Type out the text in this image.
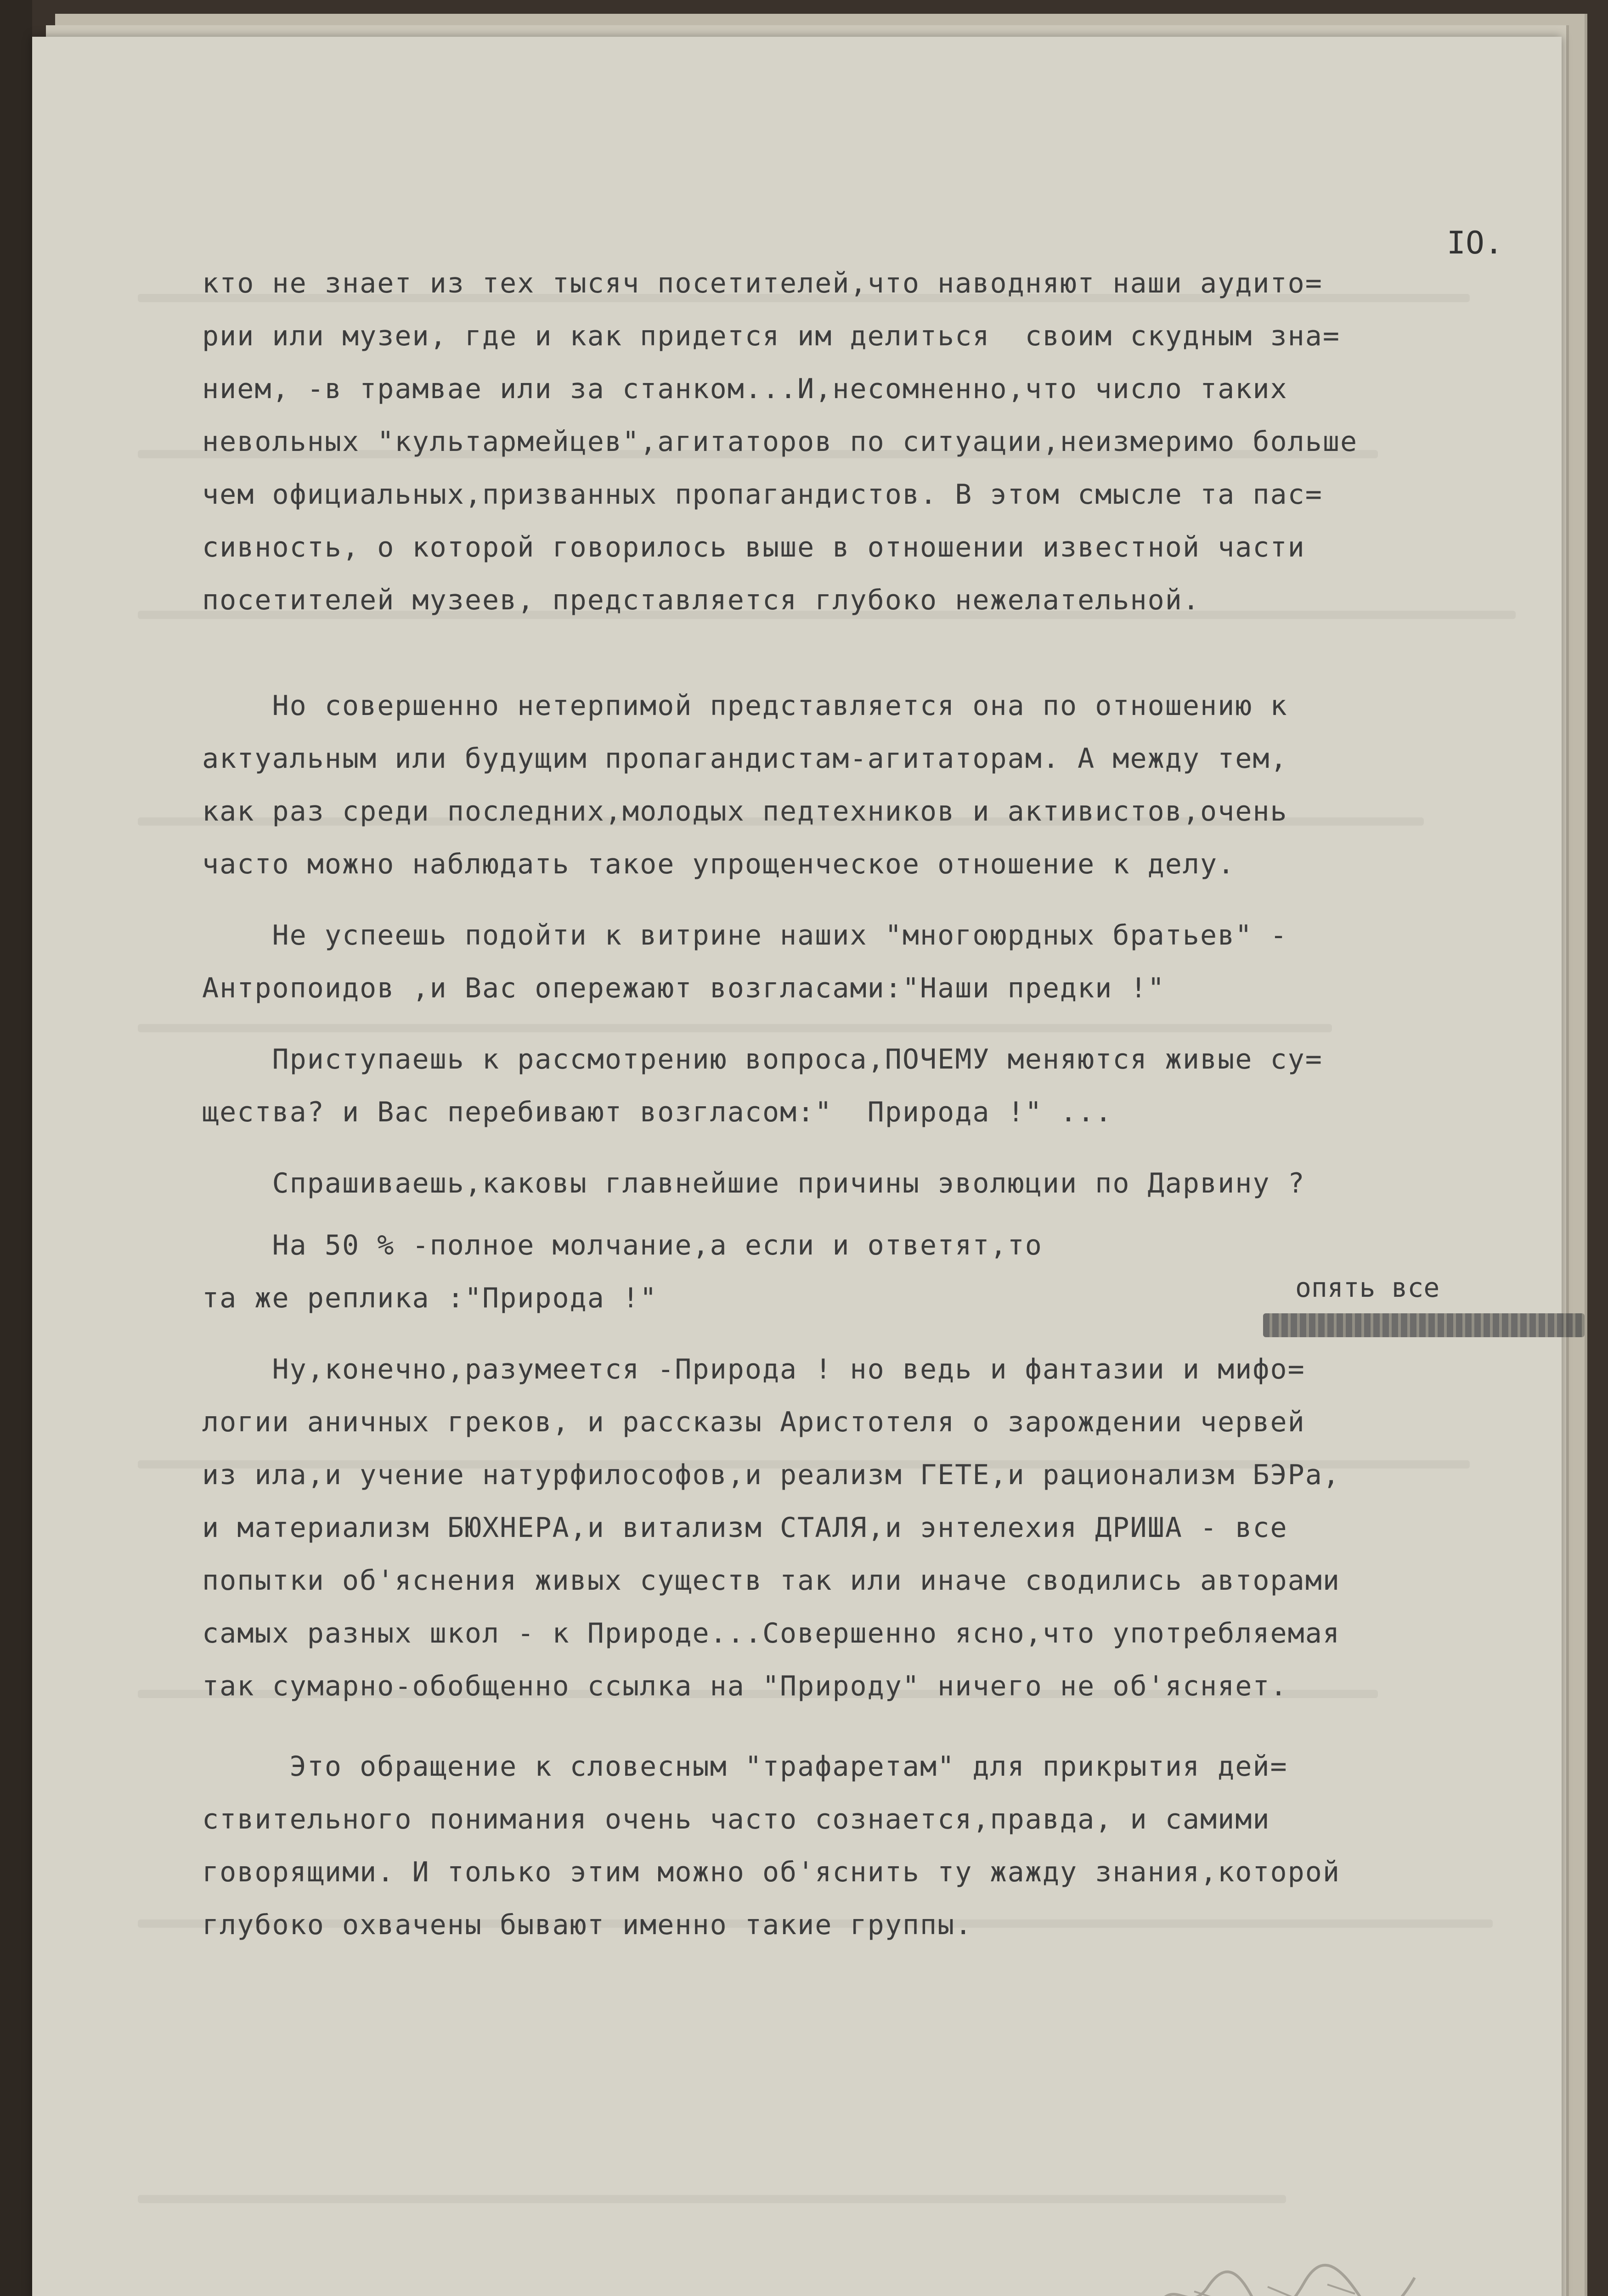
IO.
кто не знает из тех тысяч посетителей,что наводняют наши аудито=
рии или музеи, где и как придется им делиться  своим скудным зна=
нием, -в трамвае или за станком...И,несомненно,что число таких
невольных "культармейцев",агитаторов по ситуации,неизмеримо больше
чем официальных,призванных пропагандистов. В этом смысле та пас=
сивность, о которой говорилось выше в отношении известной части
посетителей музеев, представляется глубоко нежелательной.
Но совершенно нетерпимой представляется она по отношению к
актуальным или будущим пропагандистам-агитаторам. А между тем,
как раз среди последних,молодых педтехников и активистов,очень
часто можно наблюдать такое упрощенческое отношение к делу.
Не успеешь подойти к витрине наших "многоюрдных братьев" -
Антропоидов ,и Вас опережают возгласами:"Наши предки !"
Приступаешь к рассмотрению вопроса,ПОЧЕМУ меняются живые су=
щества? и Вас перебивают возгласом:"  Природа !" ...
Спрашиваешь,каковы главнейшие причины эволюции по Дарвину ?
На 50 % -полное молчание,а если и ответят,то
та же реплика :"Природа !"
Ну,конечно,разумеется -Природа ! но ведь и фантазии и мифо=
логии аничных греков, и рассказы Аристотеля о зарождении червей
из ила,и учение натурфилософов,и реализм ГЕТЕ,и рационализм БЭРа,
и материализм БЮХНЕРА,и витализм СТАЛЯ,и энтелехия ДРИША - все
попытки об'яснения живых существ так или иначе сводились авторами
самых разных школ - к Природе...Совершенно ясно,что употребляемая
так сумарно-обобщенно ссылка на "Природу" ничего не об'ясняет.
Это обращение к словесным "трафаретам" для прикрытия дей=
ствительного понимания очень часто сознается,правда, и самими
говорящими. И только этим можно об'яснить ту жажду знания,которой
глубоко охвачены бывают именно такие группы.
опять все
